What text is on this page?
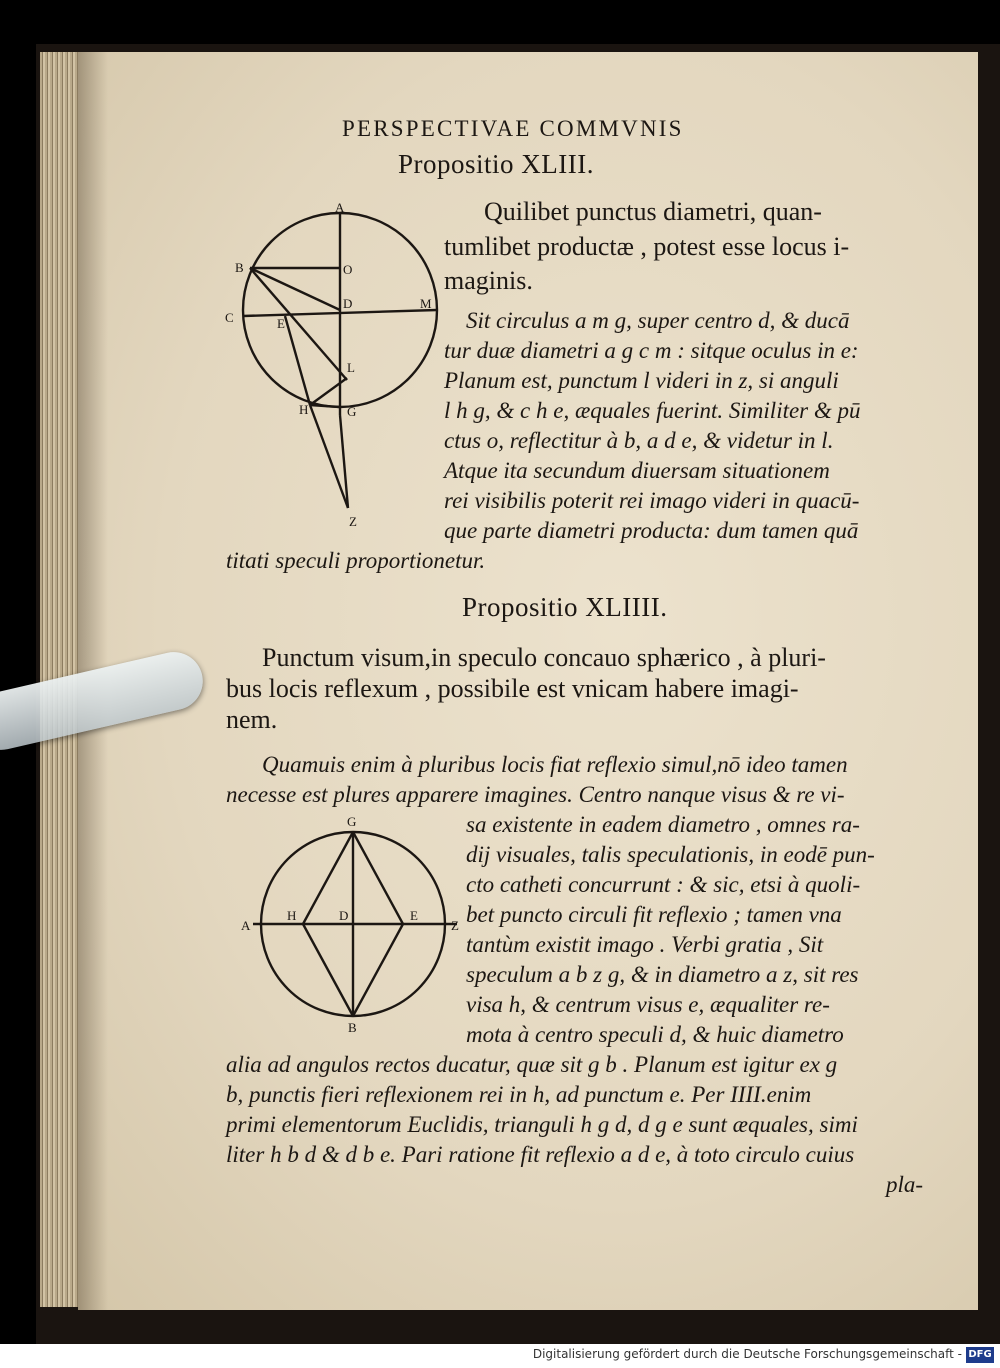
PERSPECTIVAE COMMVNIS
Propositio XLIII.
A
O
D	M
C	E
B
L
H	G
Z
Quilibet punctus diametri, quan-
tumlibet productæ , potest esse locus i-
maginis.
Sit circulus a m g, super centro d, & ducā
tur duæ diametri a g c m : sitque oculus in e:
Planum est, punctum l videri in z, si anguli
l h g, & c h e, æquales fuerint. Similiter & pū
ctus o, reflectitur à b, a d e, & videtur in l.
Atque ita secundum diuersam situationem
rei visibilis poterit rei imago videri in quacū-
que parte diametri producta: dum tamen quā
titati speculi proportionetur.
Propositio XLIIII.
Punctum visum,in speculo concauo sphærico , à pluri-
bus locis reflexum , possibile est vnicam habere imagi-
nem.
Quamuis enim à pluribus locis fiat reflexio simul,nō ideo tamen
necesse est plures apparere imagines. Centro nanque visus & re vi-
G
A
H	D	E
Z
B
sa existente in eadem diametro , omnes ra-
dij visuales, talis speculationis, in eodē pun-
cto catheti concurrunt : & sic, etsi à quoli-
bet puncto circuli fit reflexio ; tamen vna
tantùm existit imago . Verbi gratia , Sit
speculum a b z g, & in diametro a z, sit res
visa h, & centrum visus e, æqualiter re-
mota à centro speculi d, & huic diametro
alia ad angulos rectos ducatur, quæ sit g b . Planum est igitur ex g
b, punctis fieri reflexionem rei in h, ad punctum e. Per IIII.enim
primi elementorum Euclidis, trianguli h g d, d g e sunt æquales, simi
liter h b d & d b e. Pari ratione fit reflexio a d e, à toto circulo cuius
pla-
Digitalisierung gefördert durch die Deutsche Forschungsgemeinschaft - DFG
